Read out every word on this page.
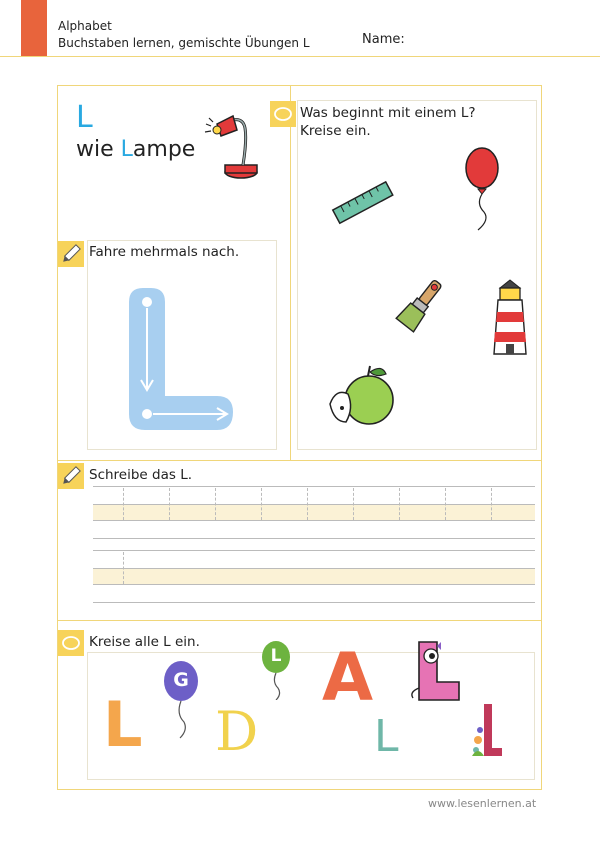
Alphabet
Buchstaben lernen, gemischte Übungen L	Name:
L
wie Lampe
Was beginnt mit einem L? Kreise ein.
Fahre mehrmals nach.
Schreibe das L.
Kreise alle L ein.
G
L
L D
A
L
www.lesenlernen.at
